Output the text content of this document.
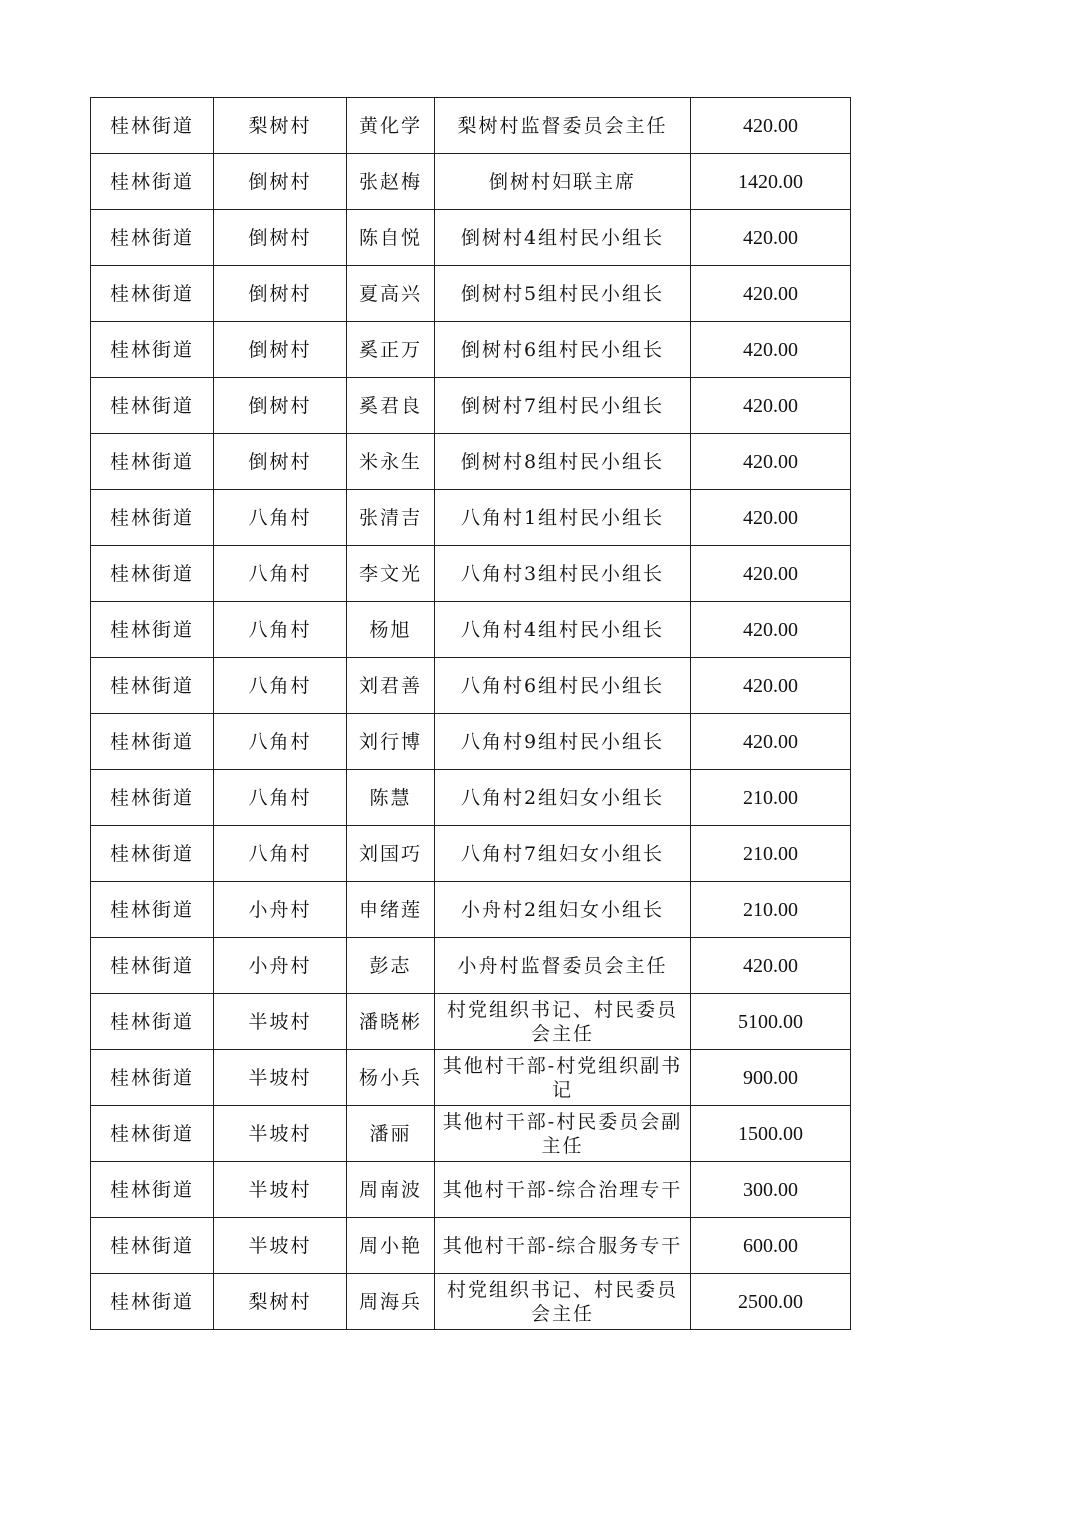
桂林街道	梨树村	黄化学	梨树村监督委员会主任	420.00
桂林街道	倒树村	张赵梅	倒树村妇联主席	1420.00
桂林街道	倒树村	陈自悦	倒树村4组村民小组长	420.00
桂林街道	倒树村	夏高兴	倒树村5组村民小组长	420.00
桂林街道	倒树村	奚正万	倒树村6组村民小组长	420.00
桂林街道	倒树村	奚君良	倒树村7组村民小组长	420.00
桂林街道	倒树村	米永生	倒树村8组村民小组长	420.00
桂林街道	八角村	张清吉	八角村1组村民小组长	420.00
桂林街道	八角村	李文光	八角村3组村民小组长	420.00
桂林街道	八角村	杨旭	八角村4组村民小组长	420.00
桂林街道	八角村	刘君善	八角村6组村民小组长	420.00
桂林街道	八角村	刘行博	八角村9组村民小组长	420.00
桂林街道	八角村	陈慧	八角村2组妇女小组长	210.00
桂林街道	八角村	刘国巧	八角村7组妇女小组长	210.00
桂林街道	小舟村	申绪莲	小舟村2组妇女小组长	210.00
桂林街道	小舟村	彭志	小舟村监督委员会主任	420.00
桂林街道	半坡村	潘晓彬	村党组织书记、村民委员会主任	5100.00
桂林街道	半坡村	杨小兵	其他村干部-村党组织副书记	900.00
桂林街道	半坡村	潘丽	其他村干部-村民委员会副主任	1500.00
桂林街道	半坡村	周南波	其他村干部-综合治理专干	300.00
桂林街道	半坡村	周小艳	其他村干部-综合服务专干	600.00
桂林街道	梨树村	周海兵	村党组织书记、村民委员会主任	2500.00
